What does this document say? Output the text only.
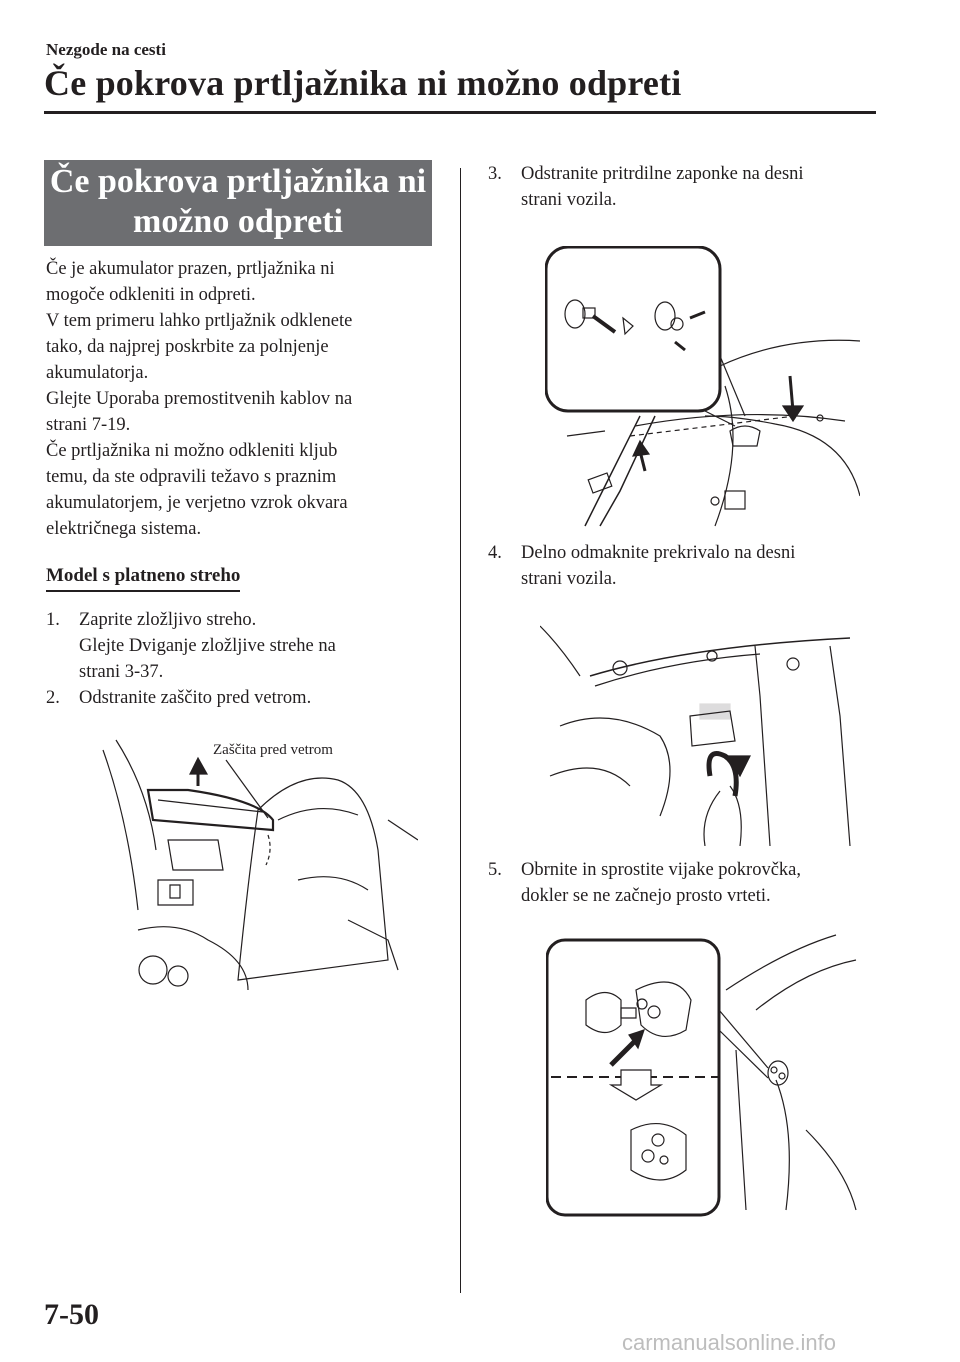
Nezgode na cesti
Če pokrova prtljažnika ni možno odpreti
Če pokrova prtljažnika ni
možno odpreti
Če je akumulator prazen, prtljažnika ni
mogoče odkleniti in odpreti.
V tem primeru lahko prtljažnik odklenete
tako, da najprej poskrbite za polnjenje
akumulatorja.
Glejte Uporaba premostitvenih kablov na
strani 7-19.
Če prtljažnika ni možno odkleniti kljub
temu, da ste odpravili težavo s praznim
akumulatorjem, je verjetno vzrok okvara
električnega sistema.
Model s platneno streho
1. Zaprite zložljivo streho.
Glejte Dviganje zložljive strehe na
strani 3-37.
2. Odstranite zaščito pred vetrom.
Zaščita pred vetrom
3. Odstranite pritrdilne zaponke na desni
strani vozila.
4. Delno odmaknite prekrivalo na desni
strani vozila.
5. Obrnite in sprostite vijake pokrovčka,
dokler se ne začnejo prosto vrteti.
7-50
carmanualsonline.info
